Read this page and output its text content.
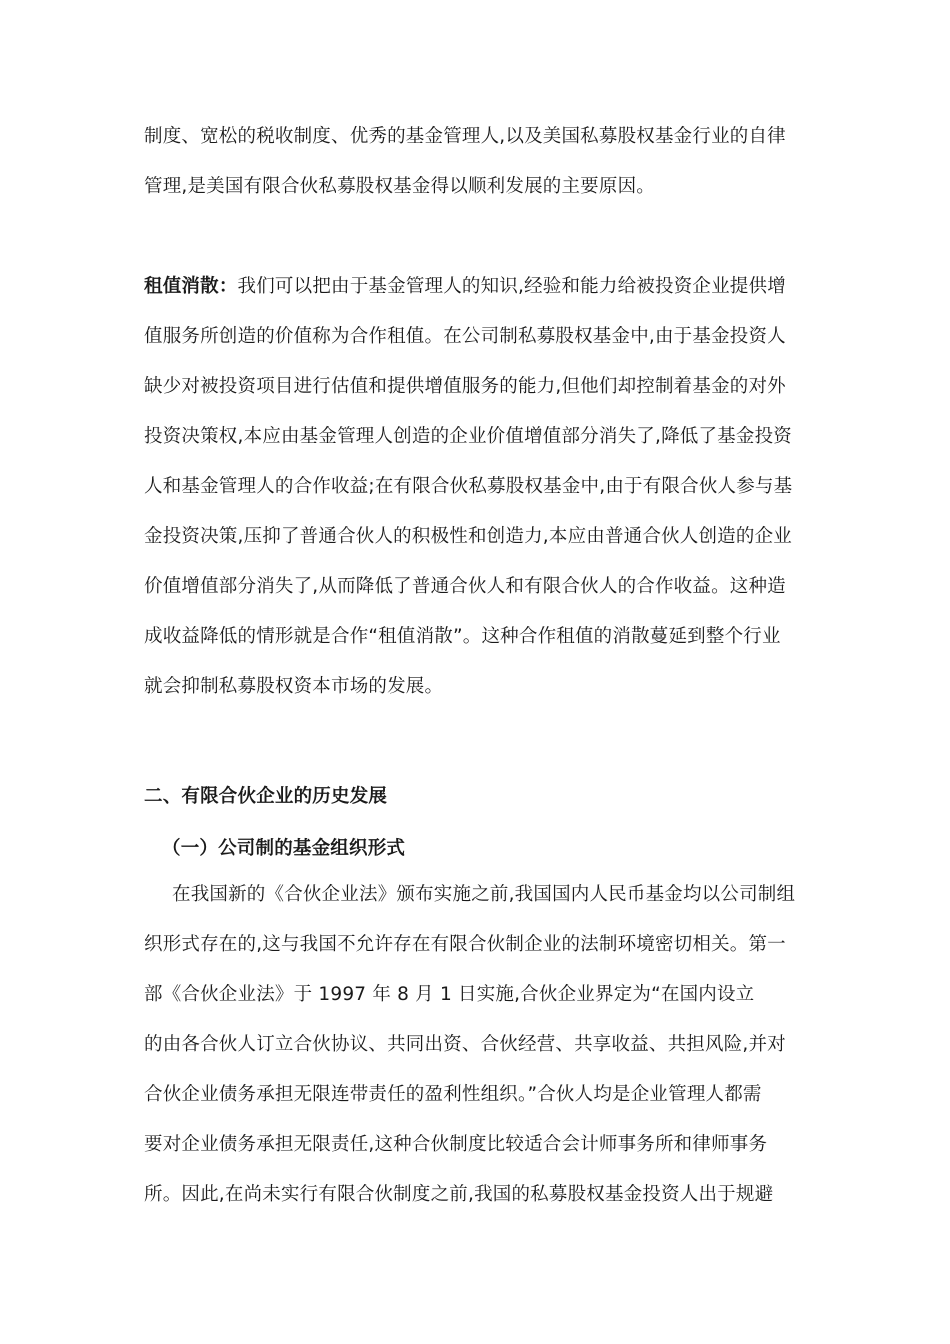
制度、宽松的税收制度、优秀的基金管理人,以及美国私募股权基金行业的自律
管理,是美国有限合伙私募股权基金得以顺利发展的主要原因。
租值消散：我们可以把由于基金管理人的知识,经验和能力给被投资企业提供增
值服务所创造的价值称为合作租值。在公司制私募股权基金中,由于基金投资人
缺少对被投资项目进行估值和提供增值服务的能力,但他们却控制着基金的对外
投资决策权,本应由基金管理人创造的企业价值增值部分消失了,降低了基金投资
人和基金管理人的合作收益;在有限合伙私募股权基金中,由于有限合伙人参与基
金投资决策,压抑了普通合伙人的积极性和创造力,本应由普通合伙人创造的企业
价值增值部分消失了,从而降低了普通合伙人和有限合伙人的合作收益。这种造
成收益降低的情形就是合作“租值消散”。这种合作租值的消散蔓延到整个行业
就会抑制私募股权资本市场的发展。
二、有限合伙企业的历史发展
（一）公司制的基金组织形式
在我国新的《合伙企业法》颁布实施之前,我国国内人民币基金均以公司制组
织形式存在的,这与我国不允许存在有限合伙制企业的法制环境密切相关。第一
部《合伙企业法》于 1997 年 8 月 1 日实施,合伙企业界定为“在国内设立
的由各合伙人订立合伙协议、共同出资、合伙经营、共享收益、共担风险,并对
合伙企业债务承担无限连带责任的盈利性组织。”合伙人均是企业管理人都需
要对企业债务承担无限责任,这种合伙制度比较适合会计师事务所和律师事务
所。因此,在尚未实行有限合伙制度之前,我国的私募股权基金投资人出于规避
